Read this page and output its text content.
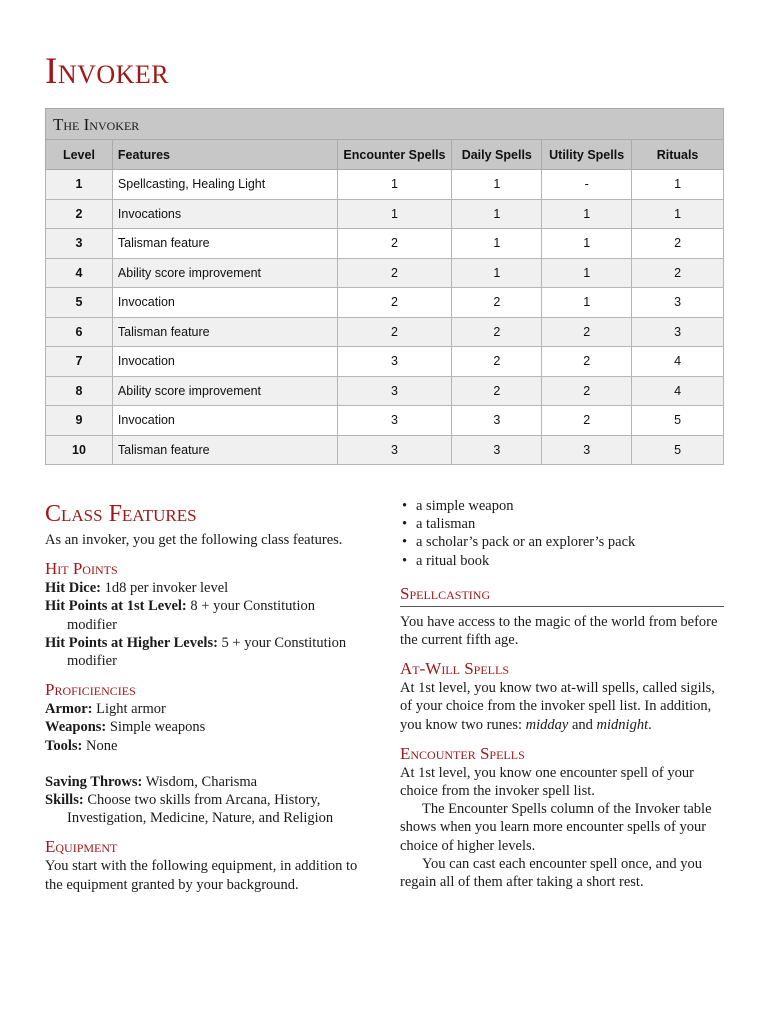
Invoker
The Invoker
Level	Features	Encounter Spells	Daily Spells	Utility Spells	Rituals
1	Spellcasting, Healing Light	1	1	-	1
2	Invocations	1	1	1	1
3	Talisman feature	2	1	1	2
4	Ability score improvement	2	1	1	2
5	Invocation	2	2	1	3
6	Talisman feature	2	2	2	3
7	Invocation	3	2	2	4
8	Ability score improvement	3	2	2	4
9	Invocation	3	3	2	5
10	Talisman feature	3	3	3	5
Class Features

As an invoker, you get the following class features.

Hit Points

Hit Dice: 1d8 per invoker level

Hit Points at 1st Level: 8 + your Constitution modifier

Hit Points at Higher Levels: 5 + your Constitution modifier

Proficiencies

Armor: Light armor

Weapons: Simple weapons

Tools: None

Saving Throws: Wisdom, Charisma

Skills: Choose two skills from Arcana, History, Investigation, Medicine, Nature, and Religion

Equipment

You start with the following equipment, in addition to the equipment granted by your background.

• a simple weapon
• a talisman
• a scholar’s pack or an explorer’s pack
• a ritual book
Spellcasting

You have access to the magic of the world from before the current fifth age.

At-Will Spells

At 1st level, you know two at-will spells, called sigils, of your choice from the invoker spell list. In addition, you know two runes: midday and midnight.

Encounter Spells

At 1st level, you know one encounter spell of your choice from the invoker spell list.

The Encounter Spells column of the Invoker table shows when you learn more encounter spells of your choice of higher levels.

You can cast each encounter spell once, and you regain all of them after taking a short rest.
